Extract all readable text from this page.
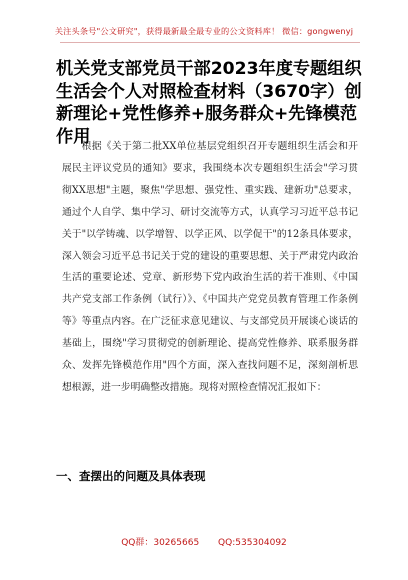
关注头条号"公文研究"，获得最新最全最专业的公文资料库！ 微信：gongwenyj
机关党支部党员干部2023年度专题组织生活会个人对照检查材料（3670字）创新理论+党性修养+服务群众+先锋模范作用

根据《关于第二批XX单位基层党组织召开专题组织生活会和开展民主评议党员的通知》要求，我围绕本次专题组织生活会"学习贯彻XX思想"主题，聚焦"学思想、强党性、重实践、建新功"总要求，通过个人自学、集中学习、研讨交流等方式，认真学习习近平总书记关于"以学铸魂、以学增智、以学正风、以学促干"的12条具体要求，深入领会习近平总书记关于党的建设的重要思想、关于严肃党内政治生活的重要论述、党章、新形势下党内政治生活的若干准则、《中国共产党支部工作条例（试行）》、《中国共产党党员教育管理工作条例等》等重点内容。在广泛征求意见建议、与支部党员开展谈心谈话的基础上，围绕"学习贯彻党的创新理论、提高党性修养、联系服务群众、发挥先锋模范作用"四个方面，深入查找问题不足，深刻剖析思想根源，进一步明确整改措施。现将对照检查情况汇报如下：

一、查摆出的问题及具体表现
QQ群：30265665 QQ:535304092
